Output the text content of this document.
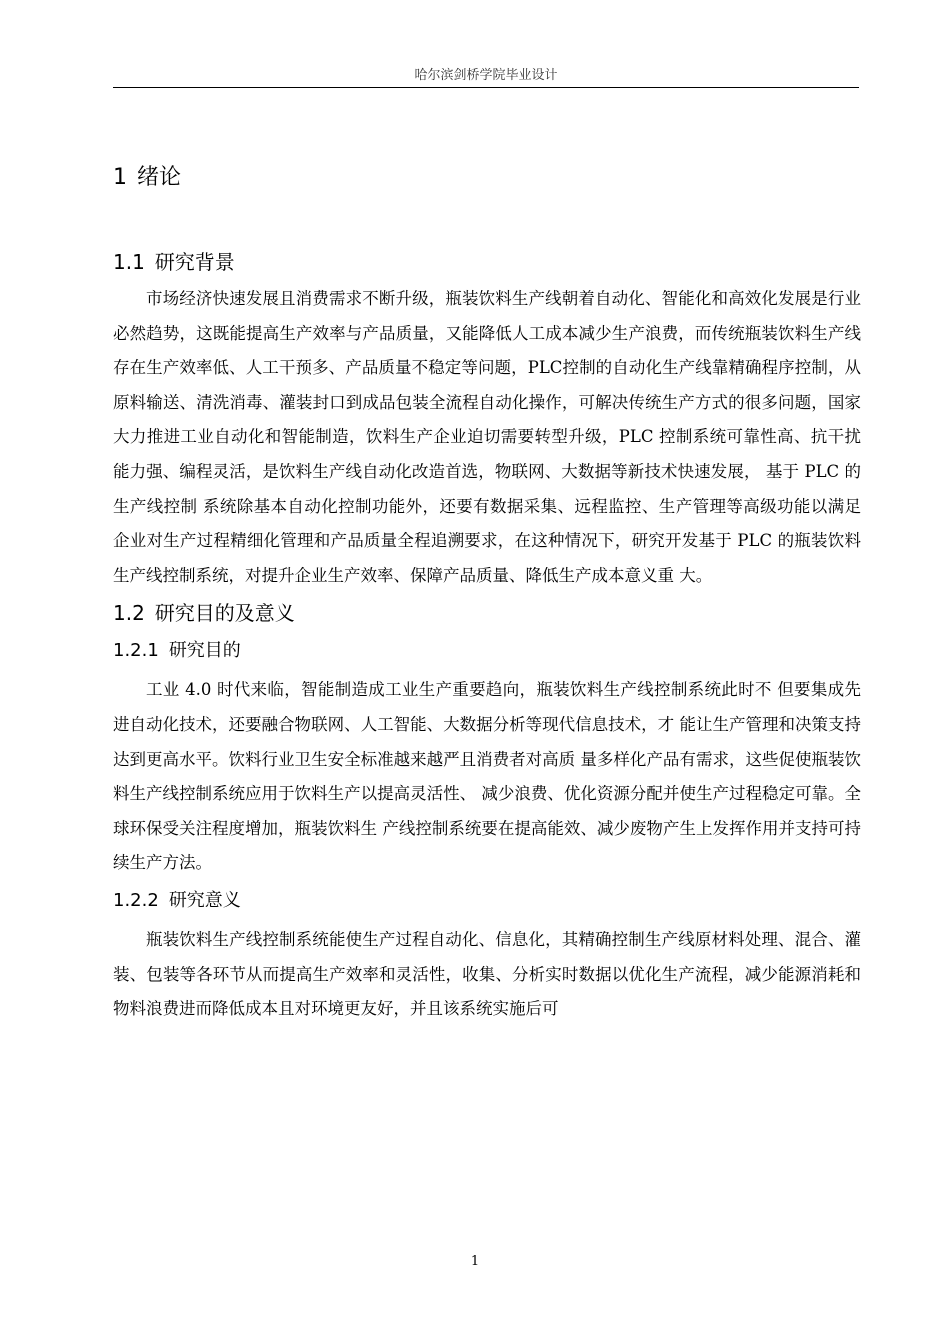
哈尔滨剑桥学院毕业设计
1 绪论
1.1 研究背景

市场经济快速发展且消费需求不断升级，瓶装饮料生产线朝着自动化、智能化和高效化发展是行业必然趋势，这既能提高生产效率与产品质量，又能降低人工成本减少生产浪费，而传统瓶装饮料生产线存在生产效率低、人工干预多、产品质量不稳定等问题，PLC控制的自动化生产线靠精确程序控制，从原料输送、清洗消毒、灌装封口到成品包装全流程自动化操作，可解决传统生产方式的很多问题，国家大力推进工业自动化和智能制造，饮料生产企业迫切需要转型升级，PLC 控制系统可靠性高、抗干扰能力强、编程灵活，是饮料生产线自动化改造首选，物联网、大数据等新技术快速发展， 基于 PLC 的生产线控制 系统除基本自动化控制功能外，还要有数据采集、远程监控、生产管理等高级功能以满足 企业对生产过程精细化管理和产品质量全程追溯要求，在这种情况下，研究开发基于 PLC 的瓶装饮料生产线控制系统，对提升企业生产效率、保障产品质量、降低生产成本意义重 大。

1.2 研究目的及意义
1.2.1 研究目的

工业 4.0 时代来临，智能制造成工业生产重要趋向，瓶装饮料生产线控制系统此时不 但要集成先进自动化技术，还要融合物联网、人工智能、大数据分析等现代信息技术，才 能让生产管理和决策支持达到更高水平。饮料行业卫生安全标准越来越严且消费者对高质 量多样化产品有需求，这些促使瓶装饮料生产线控制系统应用于饮料生产以提高灵活性、 减少浪费、优化资源分配并使生产过程稳定可靠。全球环保受关注程度增加，瓶装饮料生 产线控制系统要在提高能效、减少废物产生上发挥作用并支持可持续生产方法。

1.2.2 研究意义

瓶装饮料生产线控制系统能使生产过程自动化、信息化，其精确控制生产线原材料处理、混合、灌装、包装等各环节从而提高生产效率和灵活性，收集、分析实时数据以优化生产流程，减少能源消耗和物料浪费进而降低成本且对环境更友好，并且该系统实施后可

1
